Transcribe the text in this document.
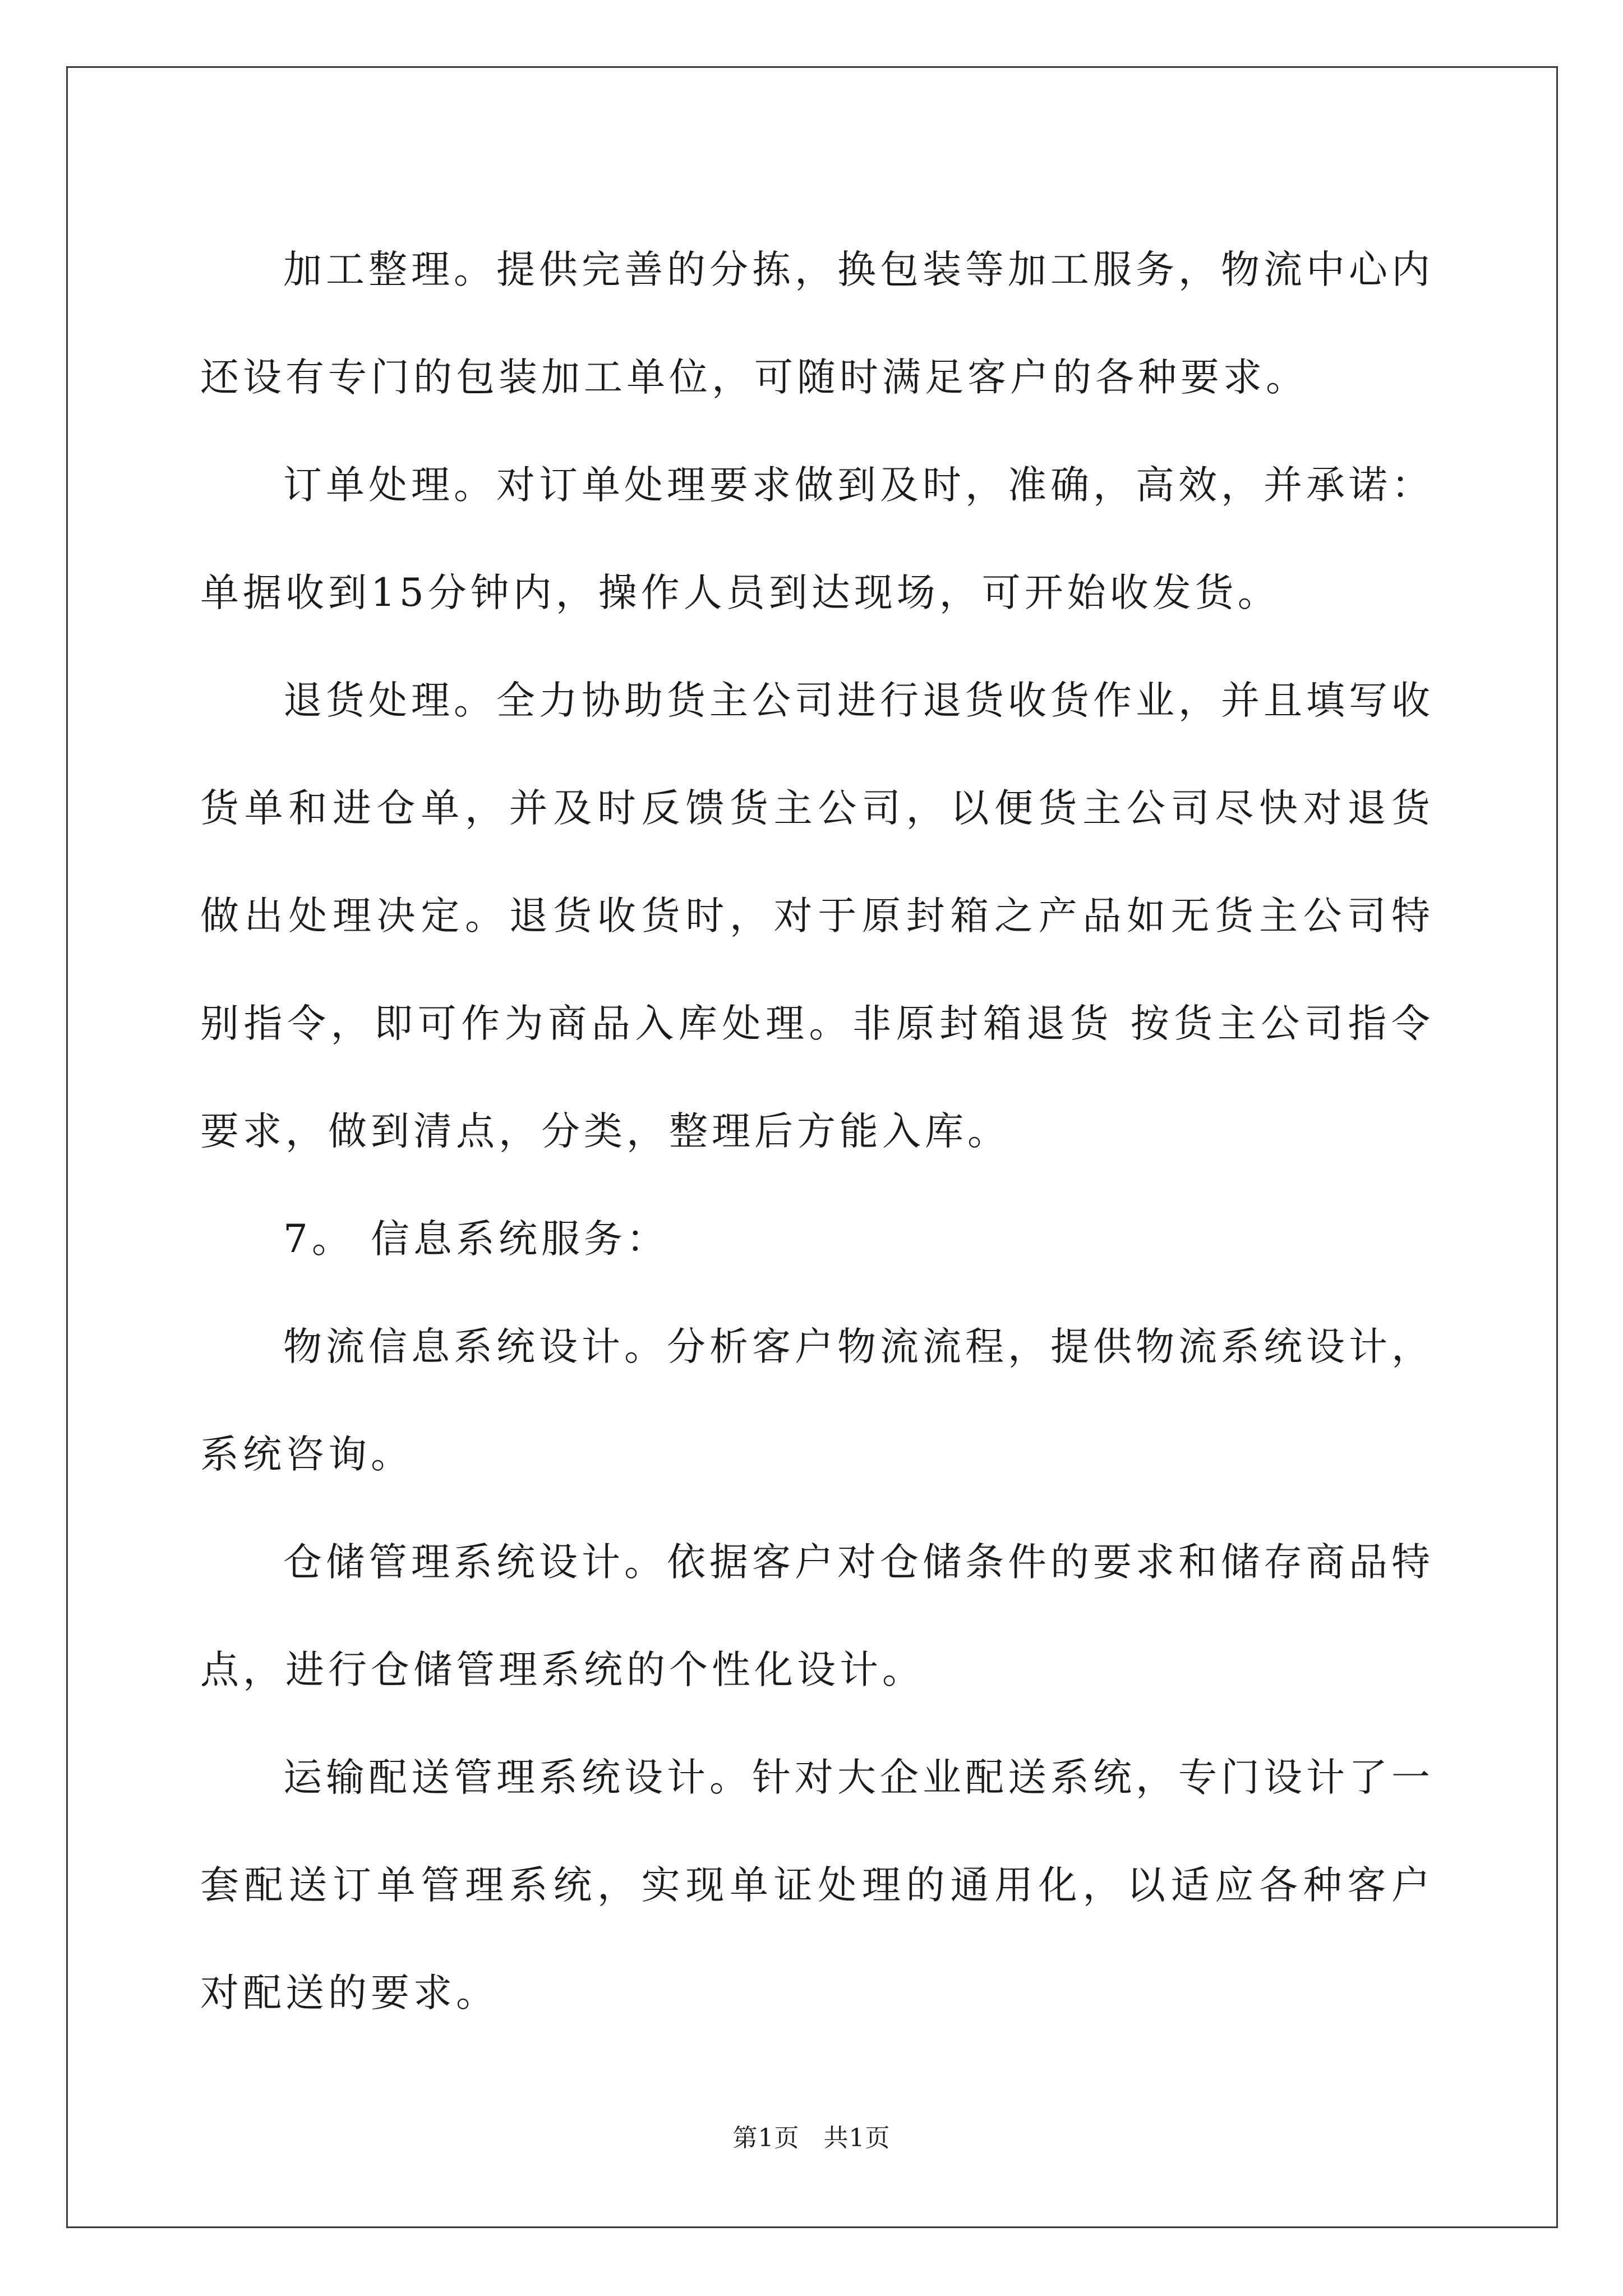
加工整理。提供完善的分拣，换包装等加工服务，物流中心内还设有专门的包装加工单位，可随时满足客户的各种要求。

订单处理。对订单处理要求做到及时，准确，高效，并承诺：单据收到15分钟内，操作人员到达现场，可开始收发货。

退货处理。全力协助货主公司进行退货收货作业，并且填写收货单和进仓单，并及时反馈货主公司，以便货主公司尽快对退货做出处理决定。退货收货时，对于原封箱之产品如无货主公司特别指令，即可作为商品入库处理。非原封箱退货 按货主公司指令要求，做到清点，分类，整理后方能入库。

7。 信息系统服务：

物流信息系统设计。分析客户物流流程，提供物流系统设计，系统咨询。

仓储管理系统设计。依据客户对仓储条件的要求和储存商品特点，进行仓储管理系统的个性化设计。

运输配送管理系统设计。针对大企业配送系统，专门设计了一套配送订单管理系统，实现单证处理的通用化，以适应各种客户对配送的要求。

第1页 共1页
